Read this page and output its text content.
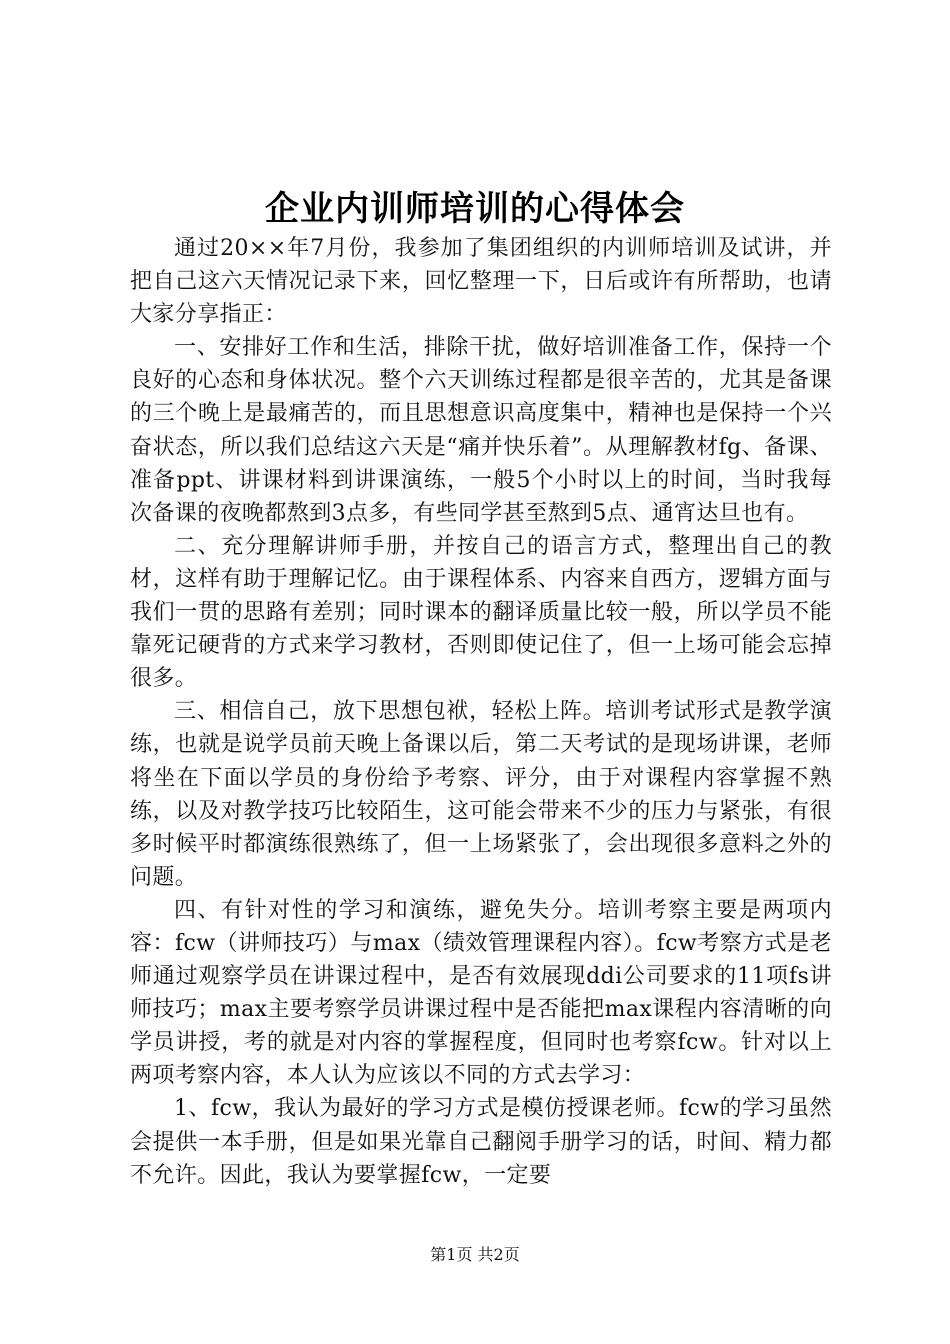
企业内训师培训的心得体会

通过20××年7月份，我参加了集团组织的内训师培训及试讲，并把自己这六天情况记录下来，回忆整理一下，日后或许有所帮助，也请大家分享指正：

一、安排好工作和生活，排除干扰，做好培训准备工作，保持一个良好的心态和身体状况。整个六天训练过程都是很辛苦的，尤其是备课的三个晚上是最痛苦的，而且思想意识高度集中，精神也是保持一个兴奋状态，所以我们总结这六天是“痛并快乐着”。从理解教材fg、备课、准备ppt、讲课材料到讲课演练，一般5个小时以上的时间，当时我每次备课的夜晚都熬到3点多，有些同学甚至熬到5点、通宵达旦也有。

二、充分理解讲师手册，并按自己的语言方式，整理出自己的教材，这样有助于理解记忆。由于课程体系、内容来自西方，逻辑方面与我们一贯的思路有差别；同时课本的翻译质量比较一般，所以学员不能靠死记硬背的方式来学习教材，否则即使记住了，但一上场可能会忘掉很多。

三、相信自己，放下思想包袱，轻松上阵。培训考试形式是教学演练，也就是说学员前天晚上备课以后，第二天考试的是现场讲课，老师将坐在下面以学员的身份给予考察、评分，由于对课程内容掌握不熟练，以及对教学技巧比较陌生，这可能会带来不少的压力与紧张，有很多时候平时都演练很熟练了，但一上场紧张了，会出现很多意料之外的问题。

四、有针对性的学习和演练，避免失分。培训考察主要是两项内容：fcw（讲师技巧）与max（绩效管理课程内容）。fcw考察方式是老师通过观察学员在讲课过程中，是否有效展现ddi公司要求的11项fs讲师技巧；max主要考察学员讲课过程中是否能把max课程内容清晰的向学员讲授，考的就是对内容的掌握程度，但同时也考察fcw。针对以上两项考察内容，本人认为应该以不同的方式去学习：

1、fcw，我认为最好的学习方式是模仿授课老师。fcw的学习虽然会提供一本手册，但是如果光靠自己翻阅手册学习的话，时间、精力都不允许。因此，我认为要掌握fcw，一定要

第1页 共2页
